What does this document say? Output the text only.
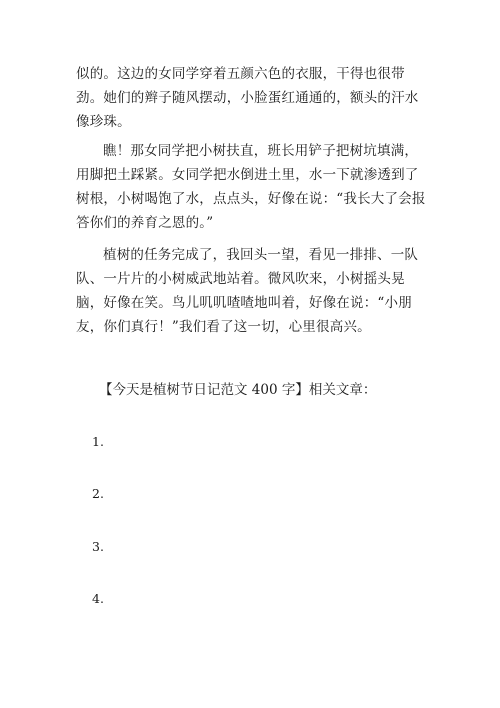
似的。这边的女同学穿着五颜六色的衣服，干得也很带劲。她们的辫子随风摆动，小脸蛋红通通的，额头的汗水像珍珠。

瞧！那女同学把小树扶直，班长用铲子把树坑填满，用脚把土踩紧。女同学把水倒进土里，水一下就渗透到了树根，小树喝饱了水，点点头，好像在说：“我长大了会报答你们的养育之恩的。”

植树的任务完成了，我回头一望，看见一排排、一队队、一片片的小树威武地站着。微风吹来，小树摇头晃脑，好像在笑。鸟儿叽叽喳喳地叫着，好像在说：“小朋友，你们真行！”我们看了这一切，心里很高兴。

【今天是植树节日记范文 400 字】相关文章：

1.

2.

3.

4.
